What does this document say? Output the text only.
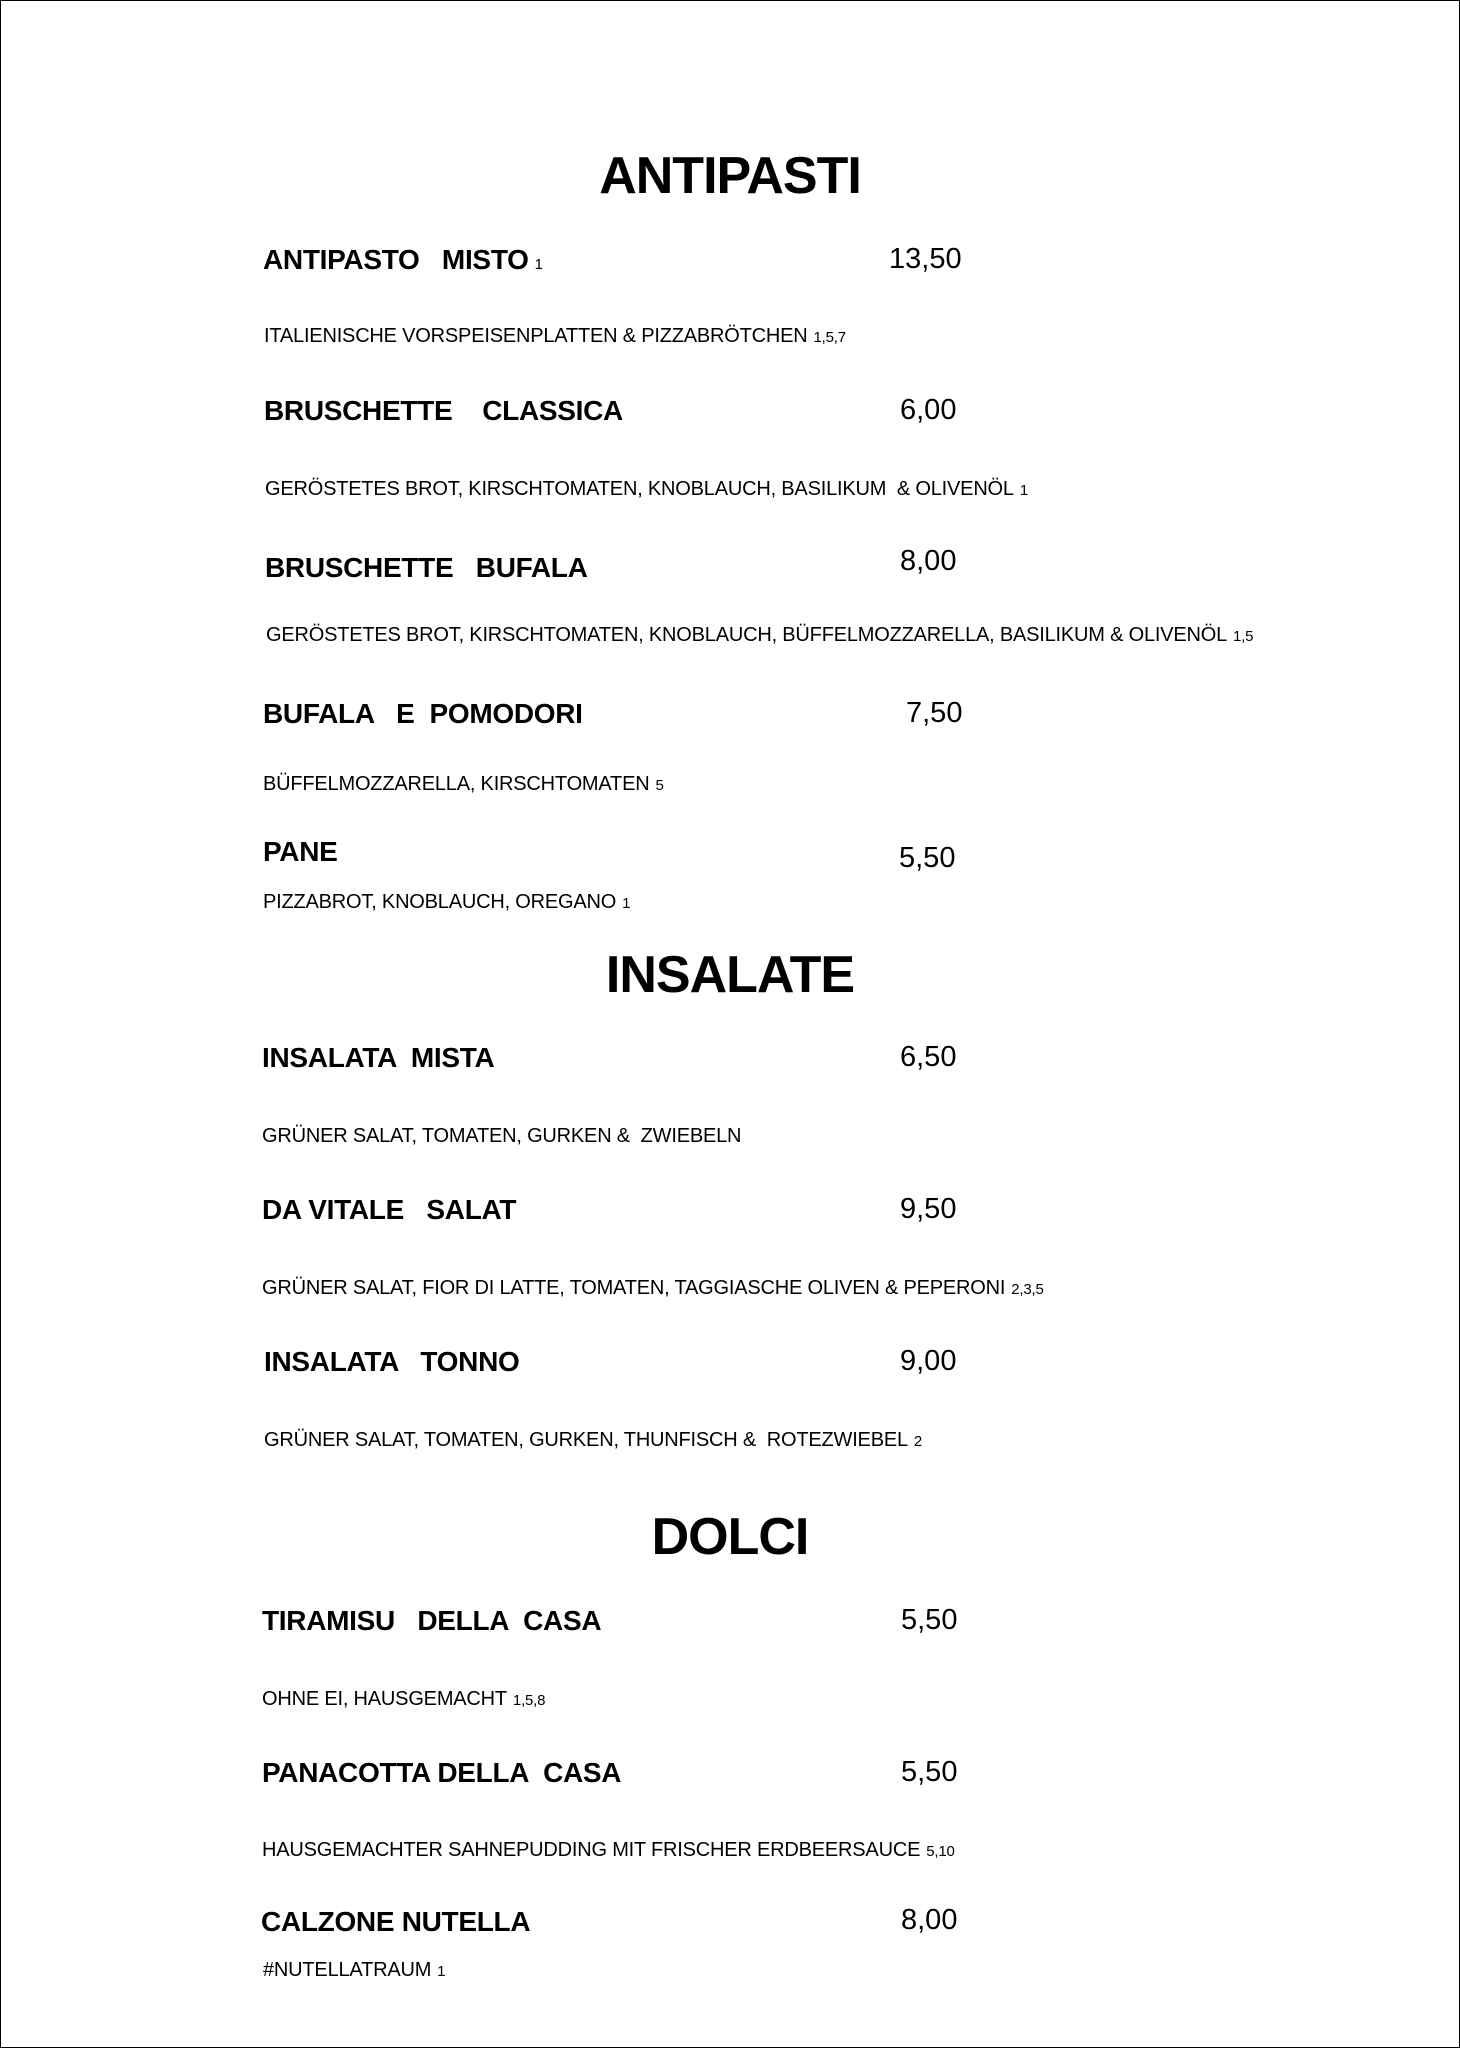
ANTIPASTI
ANTIPASTO   MISTO 1	13,50
ITALIENISCHE VORSPEISENPLATTEN & PIZZABRÖTCHEN 1,5,7
BRUSCHETTE    CLASSICA	6,00
GERÖSTETES BROT, KIRSCHTOMATEN, KNOBLAUCH, BASILIKUM  & OLIVENÖL 1
BRUSCHETTE   BUFALA	8,00
GERÖSTETES BROT, KIRSCHTOMATEN, KNOBLAUCH, BÜFFELMOZZARELLA, BASILIKUM & OLIVENÖL 1,5
BUFALA   E  POMODORI	7,50
BÜFFELMOZZARELLA, KIRSCHTOMATEN 5
PANE	5,50
PIZZABROT, KNOBLAUCH, OREGANO 1
INSALATE
INSALATA  MISTA	6,50
GRÜNER SALAT, TOMATEN, GURKEN &  ZWIEBELN
DA VITALE   SALAT	9,50
GRÜNER SALAT, FIOR DI LATTE, TOMATEN, TAGGIASCHE OLIVEN & PEPERONI 2,3,5
INSALATA   TONNO	9,00
GRÜNER SALAT, TOMATEN, GURKEN, THUNFISCH &  ROTEZWIEBEL 2
DOLCI
TIRAMISU   DELLA  CASA	5,50
OHNE EI, HAUSGEMACHT 1,5,8
PANACOTTA DELLA  CASA	5,50
HAUSGEMACHTER SAHNEPUDDING MIT FRISCHER ERDBEERSAUCE 5,10
CALZONE NUTELLA	8,00
#NUTELLATRAUM 1
